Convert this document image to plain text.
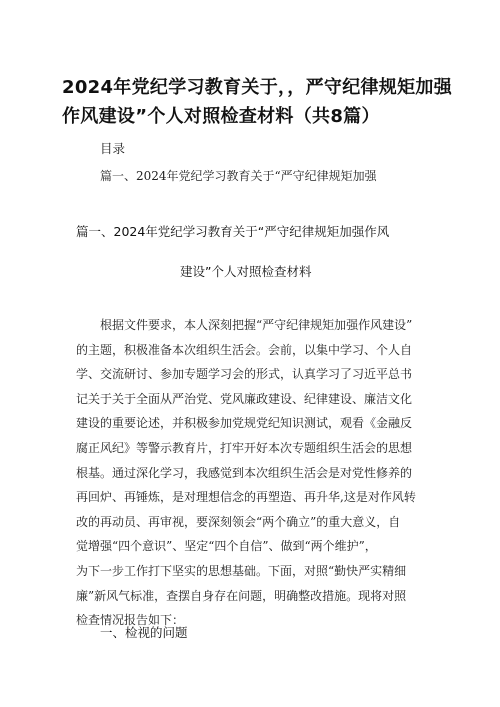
2024年党纪学习教育关于，，严守纪律规矩加强作风建设”个人对照检查材料（共8篇）
目录
篇一、2024年党纪学习教育关于“严守纪律规矩加强
篇一、2024年党纪学习教育关于“严守纪律规矩加强作风
建设”个人对照检查材料
根据文件要求，本人深刻把握“严守纪律规矩加强作风建设”
的主题，积极准备本次组织生活会。会前，以集中学习、个人自
学、交流研讨、参加专题学习会的形式，认真学习了习近平总书
记关于关于全面从严治党、党风廉政建设、纪律建设、廉洁文化
建设的重要论述，并积极参加党规党纪知识测试，观看《金融反
腐正风纪》等警示教育片，打牢开好本次专题组织生活会的思想
根基。通过深化学习，我感觉到本次组织生活会是对党性修养的
再回炉、再锤炼，是对理想信念的再塑造、再升华,这是对作风转
改的再动员、再审视，要深刻领会“两个确立”的重大意义，自
觉增强“四个意识”、坚定“四个自信”、做到“两个维护”，
为下一步工作打下坚实的思想基础。下面，对照“勤快严实精细
廉”新风气标准，查摆自身存在问题，明确整改措施。现将对照
检查情况报告如下：
一、检视的问题
